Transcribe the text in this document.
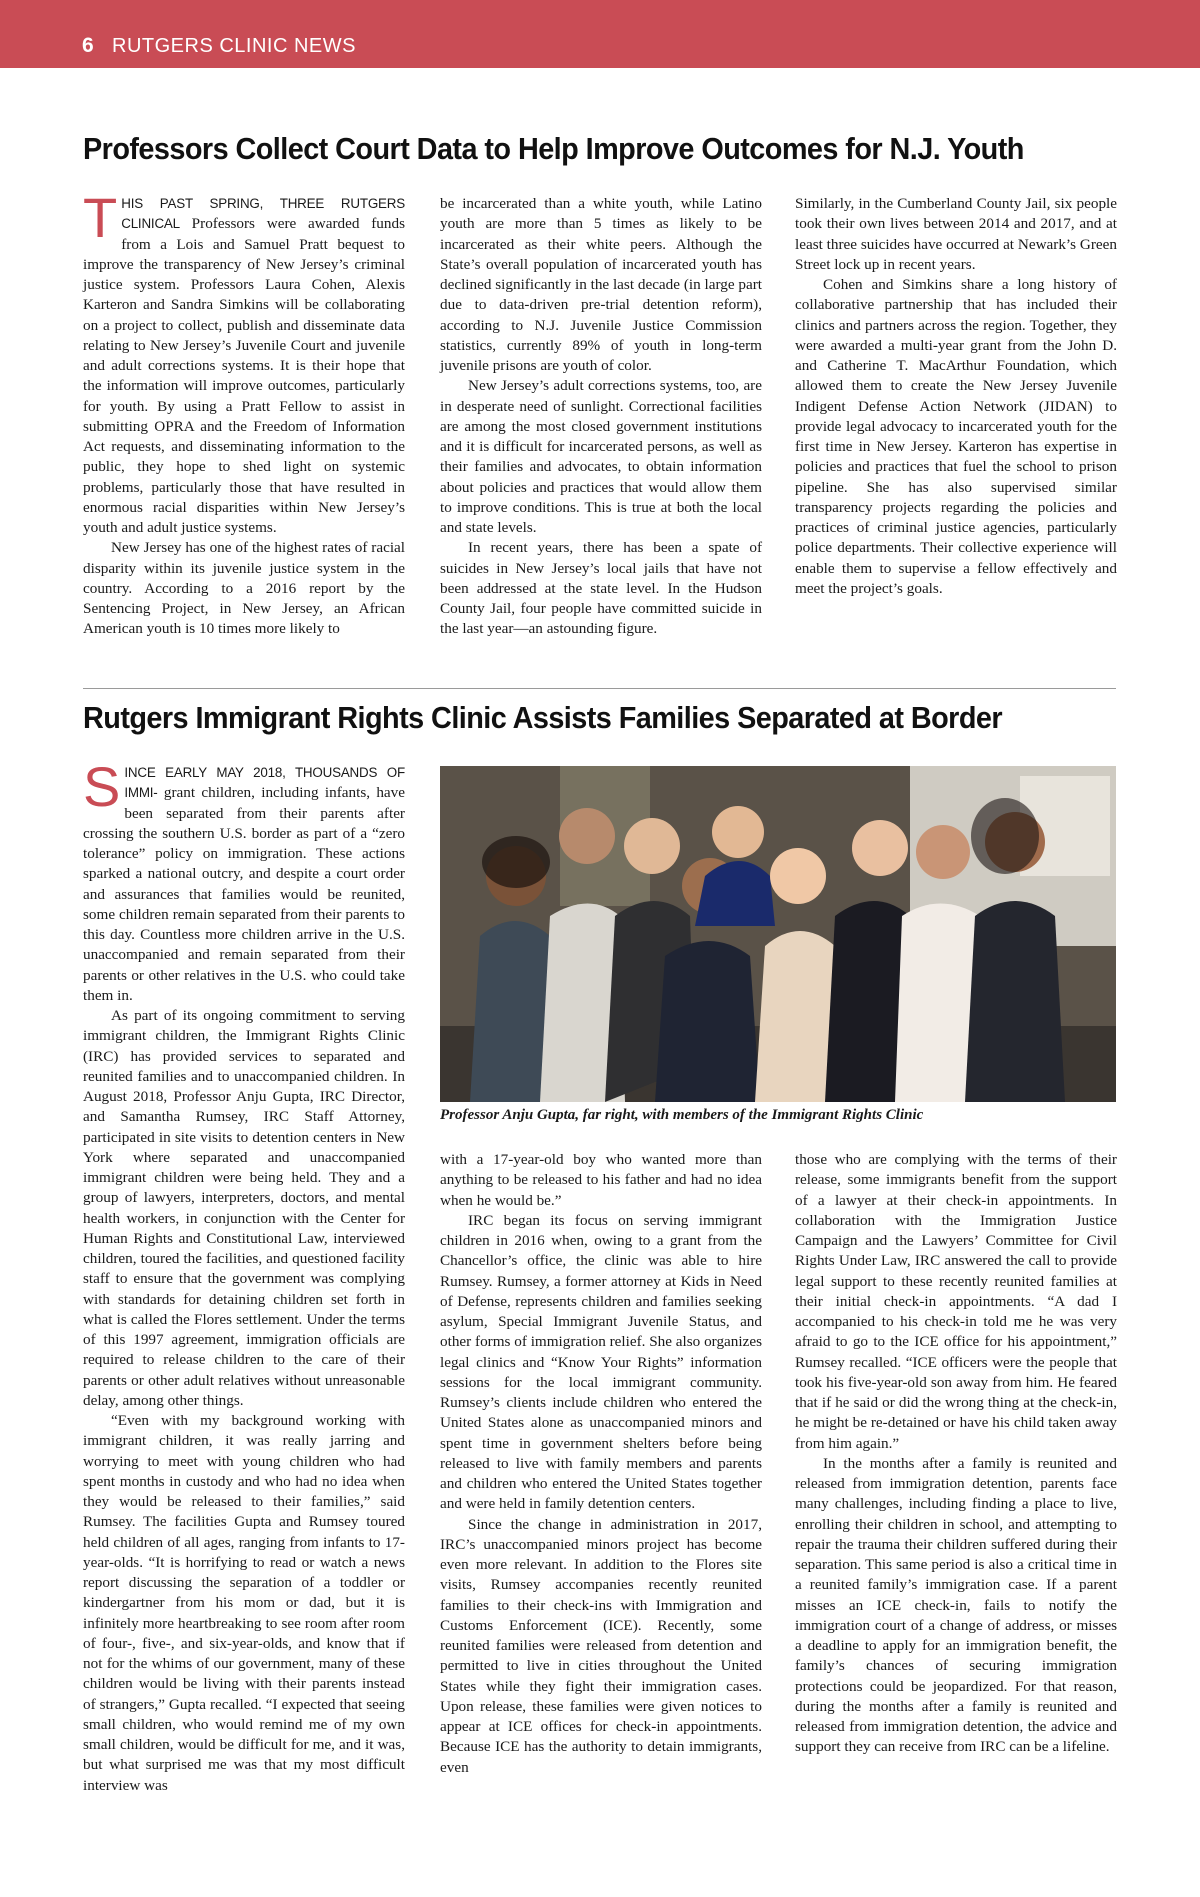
6 RUTGERS CLINIC NEWS
Professors Collect Court Data to Help Improve Outcomes for N.J. Youth

THIS PAST SPRING, THREE RUTGERS CLINICAL Professors were awarded funds from a Lois and Samuel Pratt bequest to improve the transparency of New Jersey’s criminal justice system. Professors Laura Cohen, Alexis Karteron and Sandra Simkins will be collaborating on a project to collect, publish and disseminate data relating to New Jersey’s Juvenile Court and juvenile and adult corrections systems. It is their hope that the information will improve outcomes, particularly for youth. By using a Pratt Fellow to assist in submitting OPRA and the Freedom of Information Act requests, and disseminating information to the public, they hope to shed light on systemic problems, particularly those that have resulted in enormous racial disparities within New Jersey’s youth and adult justice systems.

New Jersey has one of the highest rates of racial disparity within its juvenile justice system in the country. According to a 2016 report by the Sentencing Project, in New Jersey, an African American youth is 10 times more likely to

be incarcerated than a white youth, while Latino youth are more than 5 times as likely to be incarcerated as their white peers. Although the State’s overall population of incarcerated youth has declined significantly in the last decade (in large part due to data-driven pre-trial detention reform), according to N.J. Juvenile Justice Commission statistics, currently 89% of youth in long-term juvenile prisons are youth of color.

New Jersey’s adult corrections systems, too, are in desperate need of sunlight. Correctional facilities are among the most closed government institutions and it is difficult for incarcerated persons, as well as their families and advocates, to obtain information about policies and practices that would allow them to improve conditions. This is true at both the local and state levels.

In recent years, there has been a spate of suicides in New Jersey’s local jails that have not been addressed at the state level. In the Hudson County Jail, four people have committed suicide in the last year—an astounding figure.

Similarly, in the Cumberland County Jail, six people took their own lives between 2014 and 2017, and at least three suicides have occurred at Newark’s Green Street lock up in recent years.

Cohen and Simkins share a long history of collaborative partnership that has included their clinics and partners across the region. Together, they were awarded a multi-year grant from the John D. and Catherine T. MacArthur Foundation, which allowed them to create the New Jersey Juvenile Indigent Defense Action Network (JIDAN) to provide legal advocacy to incarcerated youth for the first time in New Jersey. Karteron has expertise in policies and practices that fuel the school to prison pipeline. She has also supervised similar transparency projects regarding the policies and practices of criminal justice agencies, particularly police departments. Their collective experience will enable them to supervise a fellow effectively and meet the project’s goals.

Rutgers Immigrant Rights Clinic Assists Families Separated at Border

SINCE EARLY MAY 2018, THOUSANDS OF IMMI- grant children, including infants, have been separated from their parents after crossing the southern U.S. border as part of a “zero tolerance” policy on immigration. These actions sparked a national outcry, and despite a court order and assurances that families would be reunited, some children remain separated from their parents to this day. Countless more children arrive in the U.S. unaccompanied and remain separated from their parents or other relatives in the U.S. who could take them in.

As part of its ongoing commitment to serving immigrant children, the Immigrant Rights Clinic (IRC) has provided services to separated and reunited families and to unaccompanied children. In August 2018, Professor Anju Gupta, IRC Director, and Samantha Rumsey, IRC Staff Attorney, participated in site visits to detention centers in New York where separated and unaccompanied immigrant children were being held. They and a group of lawyers, interpreters, doctors, and mental health workers, in conjunction with the Center for Human Rights and Constitutional Law, interviewed children, toured the facilities, and questioned facility staff to ensure that the government was complying with standards for detaining children set forth in what is called the Flores settlement. Under the terms of this 1997 agreement, immigration officials are required to release children to the care of their parents or other adult relatives without unreasonable delay, among other things.

“Even with my background working with immigrant children, it was really jarring and worrying to meet with young children who had spent months in custody and who had no idea when they would be released to their families,” said Rumsey. The facilities Gupta and Rumsey toured held children of all ages, ranging from infants to 17-year-olds. “It is horrifying to read or watch a news report discussing the separation of a toddler or kindergartner from his mom or dad, but it is infinitely more heartbreaking to see room after room of four-, five-, and six-year-olds, and know that if not for the whims of our government, many of these children would be living with their parents instead of strangers,” Gupta recalled. “I expected that seeing small children, who would remind me of my own small children, would be difficult for me, and it was, but what surprised me was that my most difficult interview was

Professor Anju Gupta, far right, with members of the Immigrant Rights Clinic

with a 17-year-old boy who wanted more than anything to be released to his father and had no idea when he would be.”

IRC began its focus on serving immigrant children in 2016 when, owing to a grant from the Chancellor’s office, the clinic was able to hire Rumsey. Rumsey, a former attorney at Kids in Need of Defense, represents children and families seeking asylum, Special Immigrant Juvenile Status, and other forms of immigration relief. She also organizes legal clinics and “Know Your Rights” information sessions for the local immigrant community. Rumsey’s clients include children who entered the United States alone as unaccompanied minors and spent time in government shelters before being released to live with family members and parents and children who entered the United States together and were held in family detention centers.

Since the change in administration in 2017, IRC’s unaccompanied minors project has become even more relevant. In addition to the Flores site visits, Rumsey accompanies recently reunited families to their check-ins with Immigration and Customs Enforcement (ICE). Recently, some reunited families were released from detention and permitted to live in cities throughout the United States while they fight their immigration cases. Upon release, these families were given notices to appear at ICE offices for check-in appointments. Because ICE has the authority to detain immigrants, even

those who are complying with the terms of their release, some immigrants benefit from the support of a lawyer at their check-in appointments. In collaboration with the Immigration Justice Campaign and the Lawyers’ Committee for Civil Rights Under Law, IRC answered the call to provide legal support to these recently reunited families at their initial check-in appointments. “A dad I accompanied to his check-in told me he was very afraid to go to the ICE office for his appointment,” Rumsey recalled. “ICE officers were the people that took his five-year-old son away from him. He feared that if he said or did the wrong thing at the check-in, he might be re-detained or have his child taken away from him again.”

In the months after a family is reunited and released from immigration detention, parents face many challenges, including finding a place to live, enrolling their children in school, and attempting to repair the trauma their children suffered during their separation. This same period is also a critical time in a reunited family’s immigration case. If a parent misses an ICE check-in, fails to notify the immigration court of a change of address, or misses a deadline to apply for an immigration benefit, the family’s chances of securing immigration protections could be jeopardized. For that reason, during the months after a family is reunited and released from immigration detention, the advice and support they can receive from IRC can be a lifeline.
